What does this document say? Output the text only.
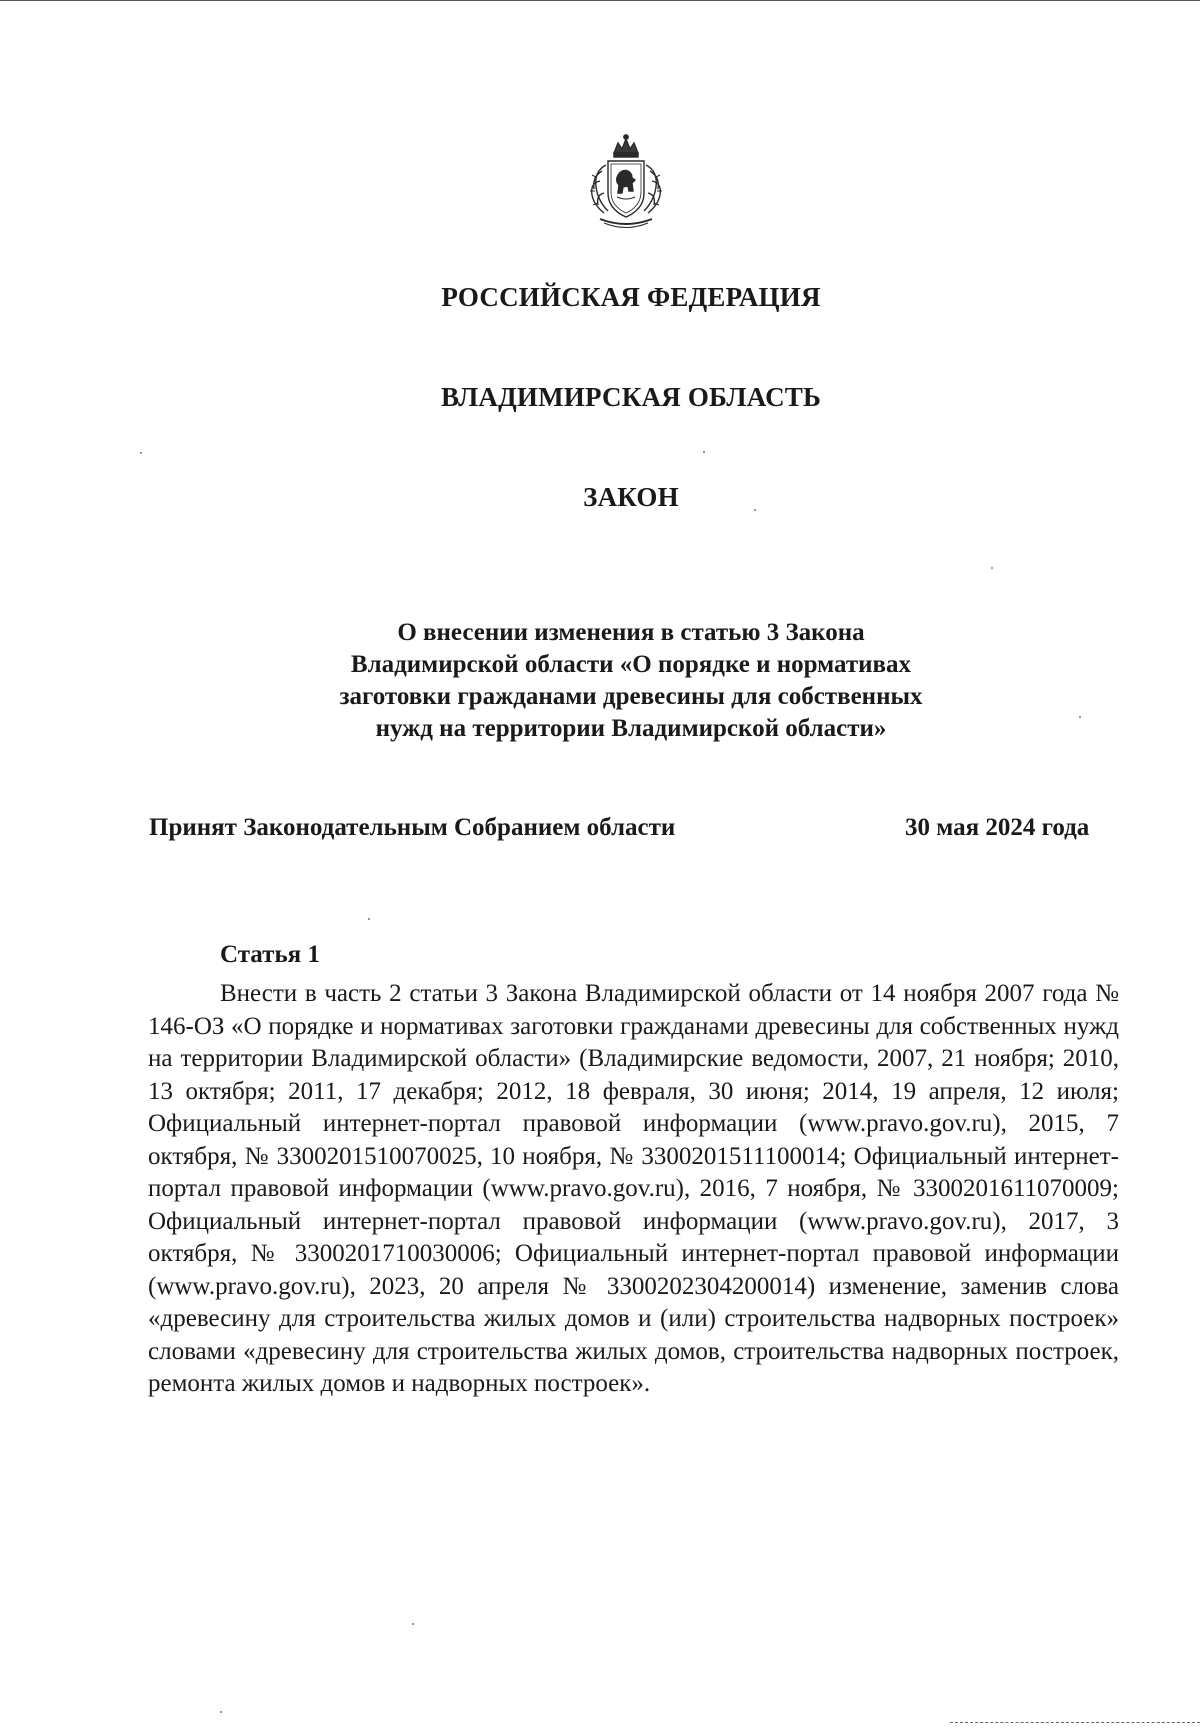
РОССИЙСКАЯ ФЕДЕРАЦИЯ
ВЛАДИМИРСКАЯ ОБЛАСТЬ
ЗАКОН
О внесении изменения в статью 3 Закона
Владимирской области «О порядке и нормативах
заготовки гражданами древесины для собственных
нужд на территории Владимирской области»
Принят Законодательным Собранием области	30 мая 2024 года
Статья 1
Внести в часть 2 статьи 3 Закона Владимирской области от 14 ноября 2007 года № 146-ОЗ «О порядке и нормативах заготовки гражданами древесины для собственных нужд на территории Владимирской области» (Владимирские ведомости, 2007, 21 ноября; 2010, 13 октября; 2011, 17 декабря; 2012, 18 февраля, 30 июня; 2014, 19 апреля, 12 июля; Официальный интернет-портал правовой информации (www.pravo.gov.ru), 2015, 7 октября, № 3300201510070025, 10 ноября, № 3300201511100014; Официальный интернет-портал правовой информации (www.pravo.gov.ru), 2016, 7 ноября, № 3300201611070009; Официальный интернет-портал правовой информации (www.pravo.gov.ru), 2017, 3 октября, № 3300201710030006; Официальный интернет-портал правовой информации (www.pravo.gov.ru), 2023, 20 апреля № 3300202304200014) изменение, заменив слова «древесину для строительства жилых домов и (или) строительства надворных построек» словами «древесину для строительства жилых домов, строительства надворных построек, ремонта жилых домов и надворных построек».
